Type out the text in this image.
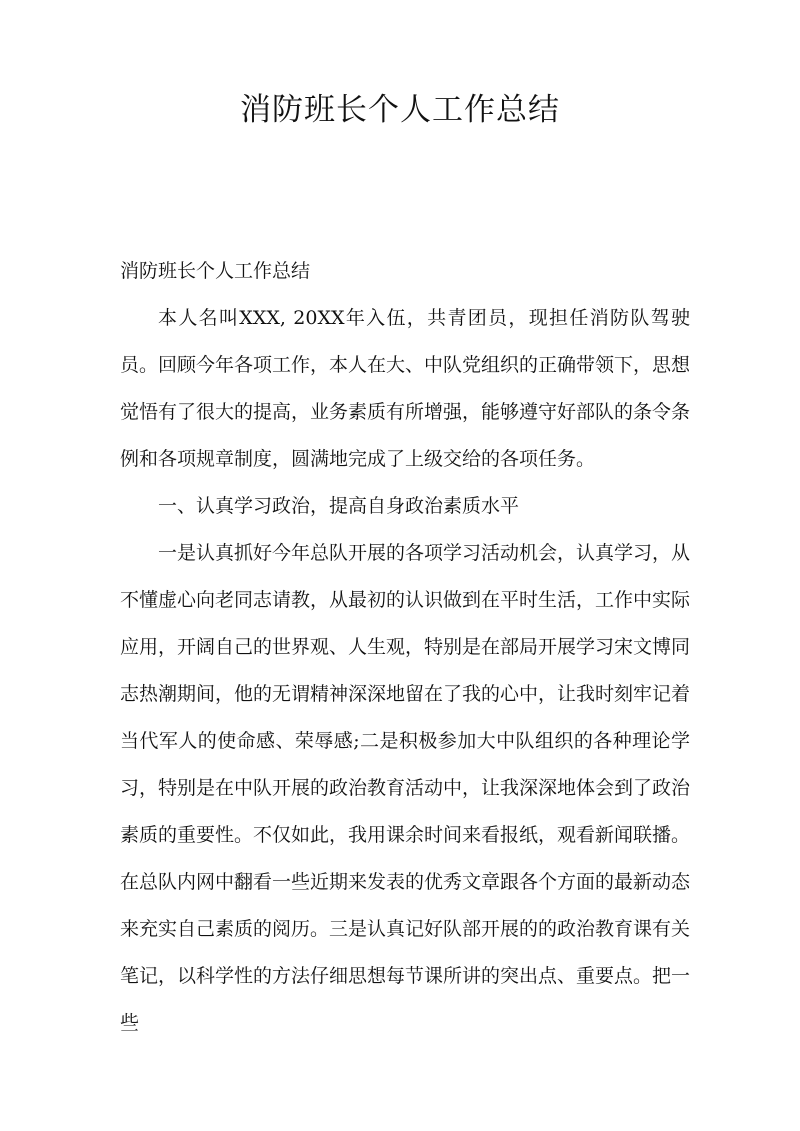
消防班长个人工作总结

消防班长个人工作总结

本人名叫XXX, 20XX年入伍，共青团员，现担任消防队驾驶员。回顾今年各项工作，本人在大、中队党组织的正确带领下，思想觉悟有了很大的提高，业务素质有所增强，能够遵守好部队的条令条例和各项规章制度，圆满地完成了上级交给的各项任务。

一、认真学习政治，提高自身政治素质水平

一是认真抓好今年总队开展的各项学习活动机会，认真学习，从不懂虚心向老同志请教，从最初的认识做到在平时生活，工作中实际应用，开阔自己的世界观、人生观，特别是在部局开展学习宋文博同志热潮期间，他的无谓精神深深地留在了我的心中，让我时刻牢记着当代军人的使命感、荣辱感;二是积极参加大中队组织的各种理论学习，特别是在中队开展的政治教育活动中，让我深深地体会到了政治素质的重要性。不仅如此，我用课余时间来看报纸，观看新闻联播。在总队内网中翻看一些近期来发表的优秀文章跟各个方面的最新动态来充实自己素质的阅历。三是认真记好队部开展的的政治教育课有关笔记，以科学性的方法仔细思想每节课所讲的突出点、重要点。把一些
